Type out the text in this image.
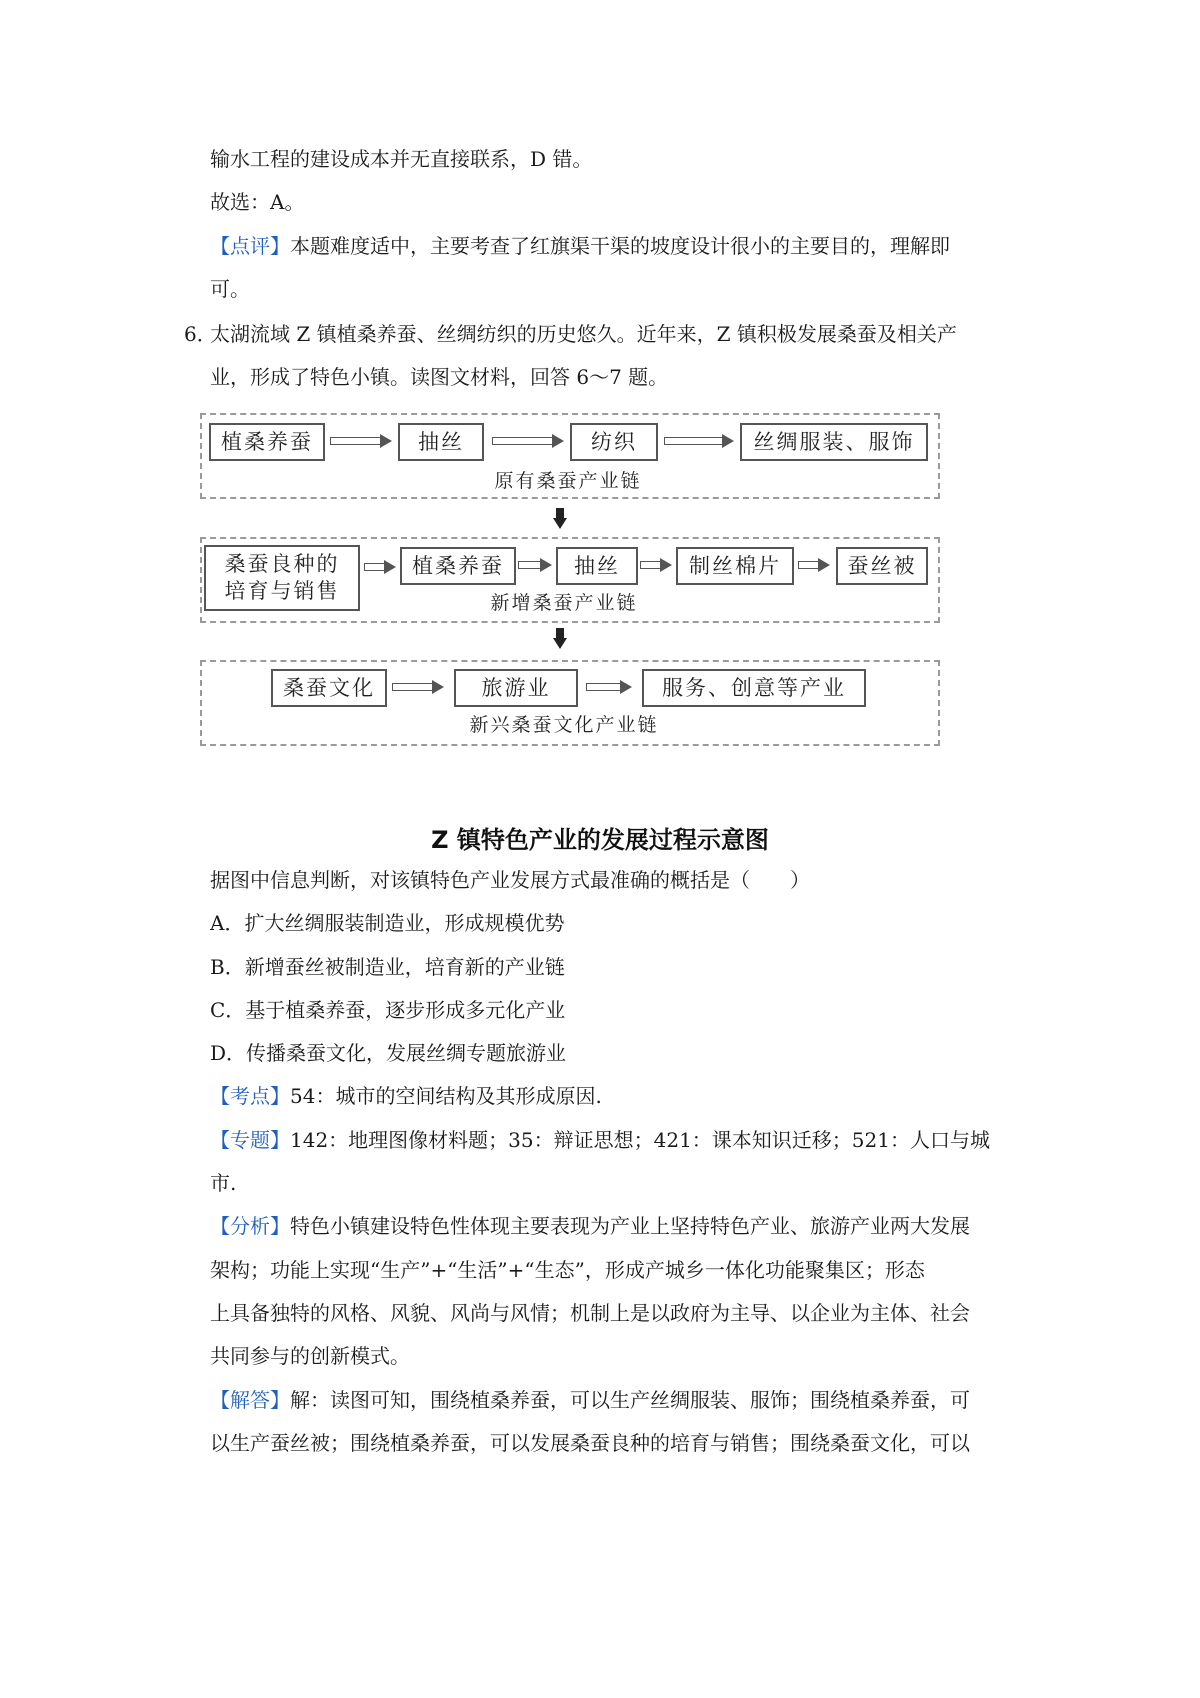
输水工程的建设成本并无直接联系，D 错。
故选：A。
【点评】本题难度适中，主要考查了红旗渠干渠的坡度设计很小的主要目的，理解即
可。
6．
太湖流域 Z 镇植桑养蚕、丝绸纺织的历史悠久。近年来，Z 镇积极发展桑蚕及相关产
业，形成了特色小镇。读图文材料，回答 6～7 题。
植桑养蚕	抽丝	纺织	丝绸服装、服饰
原有桑蚕产业链
桑蚕良种的
培育与销售
植桑养蚕	抽丝	制丝棉片	蚕丝被
新增桑蚕产业链
桑蚕文化	旅游业	服务、创意等产业
新兴桑蚕文化产业链
Z 镇特色产业的发展过程示意图
据图中信息判断，对该镇特色产业发展方式最准确的概括是（　　）
A．扩大丝绸服装制造业，形成规模优势
B．新增蚕丝被制造业，培育新的产业链
C．基于植桑养蚕，逐步形成多元化产业
D．传播桑蚕文化，发展丝绸专题旅游业
【考点】54：城市的空间结构及其形成原因.
【专题】142：地理图像材料题；35：辩证思想；421：课本知识迁移；521：人口与城
市.
【分析】特色小镇建设特色性体现主要表现为产业上坚持特色产业、旅游产业两大发展
架构；功能上实现“生产”+“生活”+“生态”，形成产城乡一体化功能聚集区；形态
上具备独特的风格、风貌、风尚与风情；机制上是以政府为主导、以企业为主体、社会
共同参与的创新模式。
【解答】解：读图可知，围绕植桑养蚕，可以生产丝绸服装、服饰；围绕植桑养蚕，可
以生产蚕丝被；围绕植桑养蚕，可以发展桑蚕良种的培育与销售；围绕桑蚕文化，可以
